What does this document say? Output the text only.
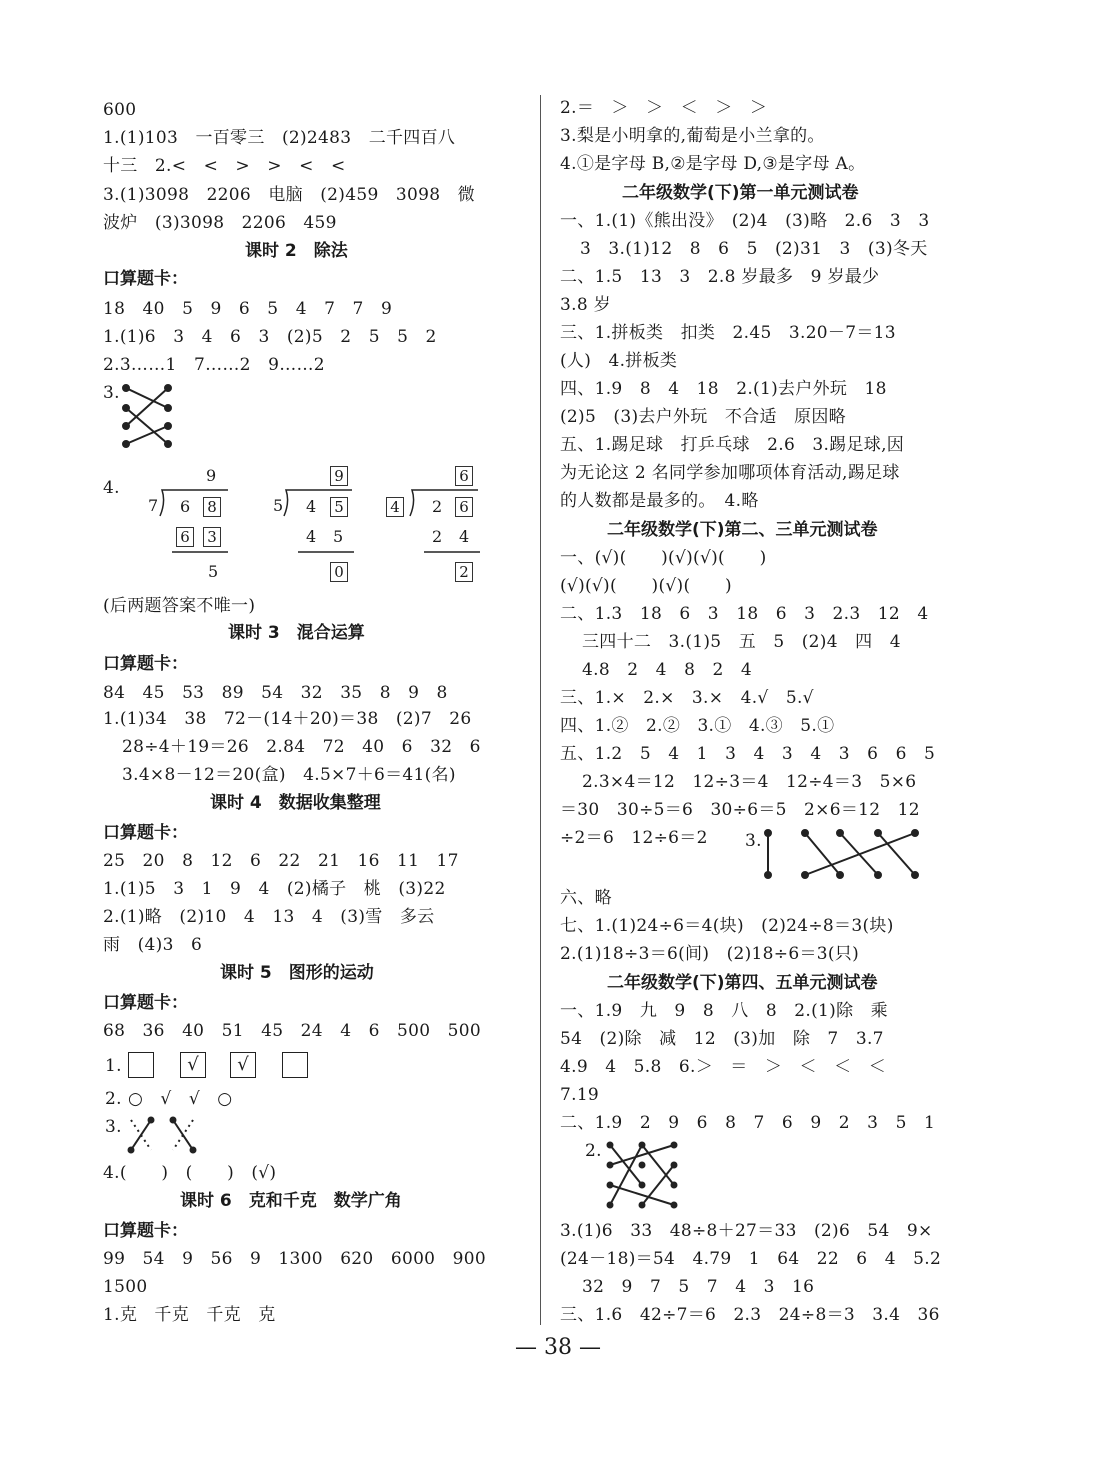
3.
4.
9
7 6 8
6 3
5
9
5 4 5
4 5
0
6
4 2 6
2 4
2
1.	√	√
2. ○　√　√　○
3.
3.
2.
— 38 —
600
1.(1)103　一百零三　(2)2483　二千四百八
十三　2.<　<　>　>　<　<
3.(1)3098　2206　电脑　(2)459　3098　微
波炉　(3)3098　2206　459
18　40　5　9　6　5　4　7　7　9
1.(1)6　3　4　6　3　(2)5　2　5　5　2
2.3……1　7……2　9……2
(后两题答案不唯一)
84　45　53　89　54　32　35　8　9　8
1.(1)34　38　72－(14＋20)＝38　(2)7　26
28÷4＋19＝26　2.84　72　40　6　32　6
3.4×8－12＝20(盒)　4.5×7＋6＝41(名)
25　20　8　12　6　22　21　16　11　17
1.(1)5　3　1　9　4　(2)橘子　桃　(3)22
2.(1)略　(2)10　4　13　4　(3)雪　多云
雨　(4)3　6
68　36　40　51　45　24　4　6　500　500
4.(　　)　(　　)　(√)
99　54　9　56　9　1300　620　6000　900
1500
1.克　千克　千克　克
课时 2　除法
口算题卡：
课时 3　混合运算
口算题卡：
课时 4　数据收集整理
口算题卡：
课时 5　图形的运动
口算题卡：
课时 6　克和千克　数学广角
口算题卡：
2.＝　＞　＞　＜　＞　＞
3.梨是小明拿的,葡萄是小兰拿的。
4.①是字母 B,②是字母 D,③是字母 A。
一、1.(1)《熊出没》　(2)4　(3)略　2.6　3　3
3　3.(1)12　8　6　5　(2)31　3　(3)冬天
二、1.5　13　3　2.8 岁最多　9 岁最少
3.8 岁
三、1.拼板类　扣类　2.45　3.20－7＝13
(人)　4.拼板类
四、1.9　8　4　18　2.(1)去户外玩　18
(2)5　(3)去户外玩　不合适　原因略
五、1.踢足球　打乒乓球　2.6　3.踢足球,因
为无论这 2 名同学参加哪项体育活动,踢足球
的人数都是最多的。　4.略
一、(√)(　　)(√)(√)(　　)
(√)(√)(　　)(√)(　　)
二、1.3　18　6　3　18　6　3　2.3　12　4
三四十二　3.(1)5　五　5　(2)4　四　4
4.8　2　4　8　2　4
三、1.×　2.×　3.×　4.√　5.√
四、1.②　2.②　3.①　4.③　5.①
五、1.2　5　4　1　3　4　3　4　3　6　6　5
2.3×4＝12　12÷3＝4　12÷4＝3　5×6
＝30　30÷5＝6　30÷6＝5　2×6＝12　12
÷2＝6　12÷6＝2
六、略
七、1.(1)24÷6＝4(块)　(2)24÷8＝3(块)
2.(1)18÷3＝6(间)　(2)18÷6＝3(只)
一、1.9　九　9　8　八　8　2.(1)除　乘
54　(2)除　减　12　(3)加　除　7　3.7
4.9　4　5.8　6.＞　＝　＞　＜　＜　＜
7.19
二、1.9　2　9　6　8　7　6　9　2　3　5　1
3.(1)6　33　48÷8＋27＝33　(2)6　54　9×
(24－18)＝54　4.79　1　64　22　6　4　5.2
32　9　7　5　7　4　3　16
三、1.6　42÷7＝6　2.3　24÷8＝3　3.4　36
二年级数学(下)第一单元测试卷
二年级数学(下)第二、三单元测试卷
二年级数学(下)第四、五单元测试卷
